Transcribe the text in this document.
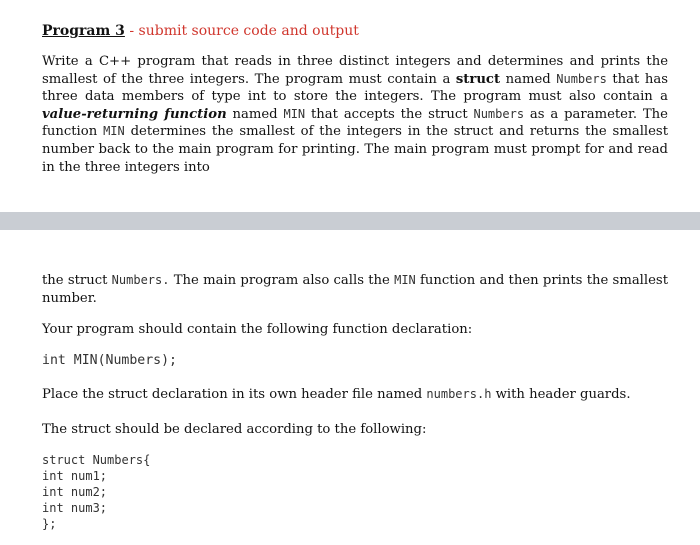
Program 3 - submit source code and output

Write a C++ program that reads in three distinct integers and determines and prints the smallest of the three integers. The program must contain a struct named Numbers that has three data members of type int to store the integers. The program must also contain a value-returning function named MIN that accepts the struct Numbers as a parameter. The function MIN determines the smallest of the integers in the struct and returns the smallest number back to the main program for printing. The main program must prompt for and read in the three integers into

the struct Numbers. The main program also calls the MIN function and then prints the smallest number.

Your program should contain the following function declaration:
int MIN(Numbers);
Place the struct declaration in its own header file named numbers.h with header guards.
The struct should be declared according to the following:
struct Numbers{
int num1;
int num2;
int num3;
};
